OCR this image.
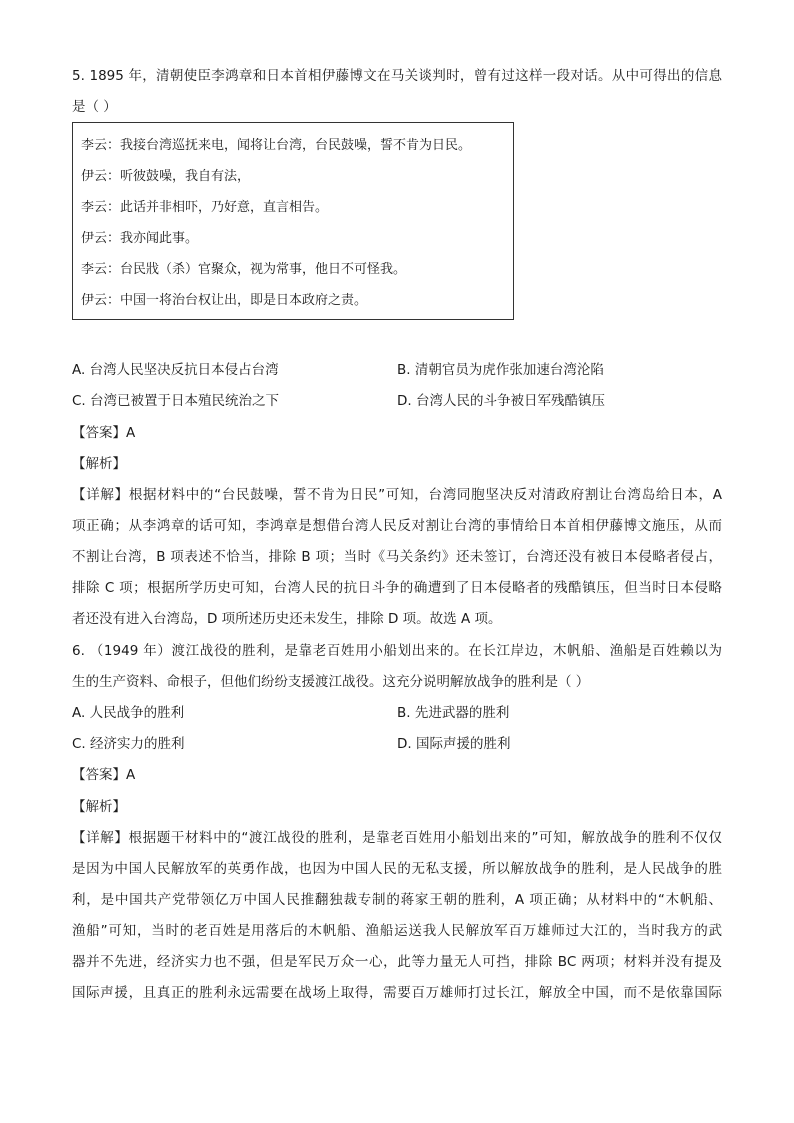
5. 1895 年，清朝使臣李鸿章和日本首相伊藤博文在马关谈判时，曾有过这样一段对话。从中可得出的信息
是（ ）
李云：我接台湾巡抚来电，闻将让台湾，台民鼓噪，誓不肯为日民。
伊云：听彼鼓噪，我自有法，
李云：此话并非相吓，乃好意，直言相告。
伊云：我亦闻此事。
李云：台民戕（杀）官聚众，视为常事，他日不可怪我。
伊云：中国一将治台权让出，即是日本政府之责。
A. 台湾人民坚决反抗日本侵占台湾	B. 清朝官员为虎作张加速台湾沦陷
C. 台湾已被置于日本殖民统治之下	D. 台湾人民的斗争被日军残酷镇压
【答案】A
【解析】
【详解】根据材料中的“台民鼓噪，誓不肯为日民”可知，台湾同胞坚决反对清政府割让台湾岛给日本，A
项正确；从李鸿章的话可知，李鸿章是想借台湾人民反对割让台湾的事情给日本首相伊藤博文施压，从而
不割让台湾，B 项表述不恰当，排除 B 项；当时《马关条约》还未签订，台湾还没有被日本侵略者侵占，
排除 C 项；根据所学历史可知，台湾人民的抗日斗争的确遭到了日本侵略者的残酷镇压，但当时日本侵略
者还没有进入台湾岛，D 项所述历史还未发生，排除 D 项。故选 A 项。
6. （1949 年）渡江战役的胜利，是靠老百姓用小船划出来的。在长江岸边，木帆船、渔船是百姓赖以为
生的生产资料、命根子，但他们纷纷支援渡江战役。这充分说明解放战争的胜利是（ ）
A. 人民战争的胜利	B. 先进武器的胜利
C. 经济实力的胜利	D. 国际声援的胜利
【答案】A
【解析】
【详解】根据题干材料中的“渡江战役的胜利，是靠老百姓用小船划出来的”可知，解放战争的胜利不仅仅
是因为中国人民解放军的英勇作战，也因为中国人民的无私支援，所以解放战争的胜利，是人民战争的胜
利，是中国共产党带领亿万中国人民推翻独裁专制的蒋家王朝的胜利，A 项正确；从材料中的“木帆船、
渔船”可知，当时的老百姓是用落后的木帆船、渔船运送我人民解放军百万雄师过大江的，当时我方的武
器并不先进，经济实力也不强，但是军民万众一心，此等力量无人可挡，排除 BC 两项；材料并没有提及
国际声援，且真正的胜利永远需要在战场上取得，需要百万雄师打过长江，解放全中国，而不是依靠国际
